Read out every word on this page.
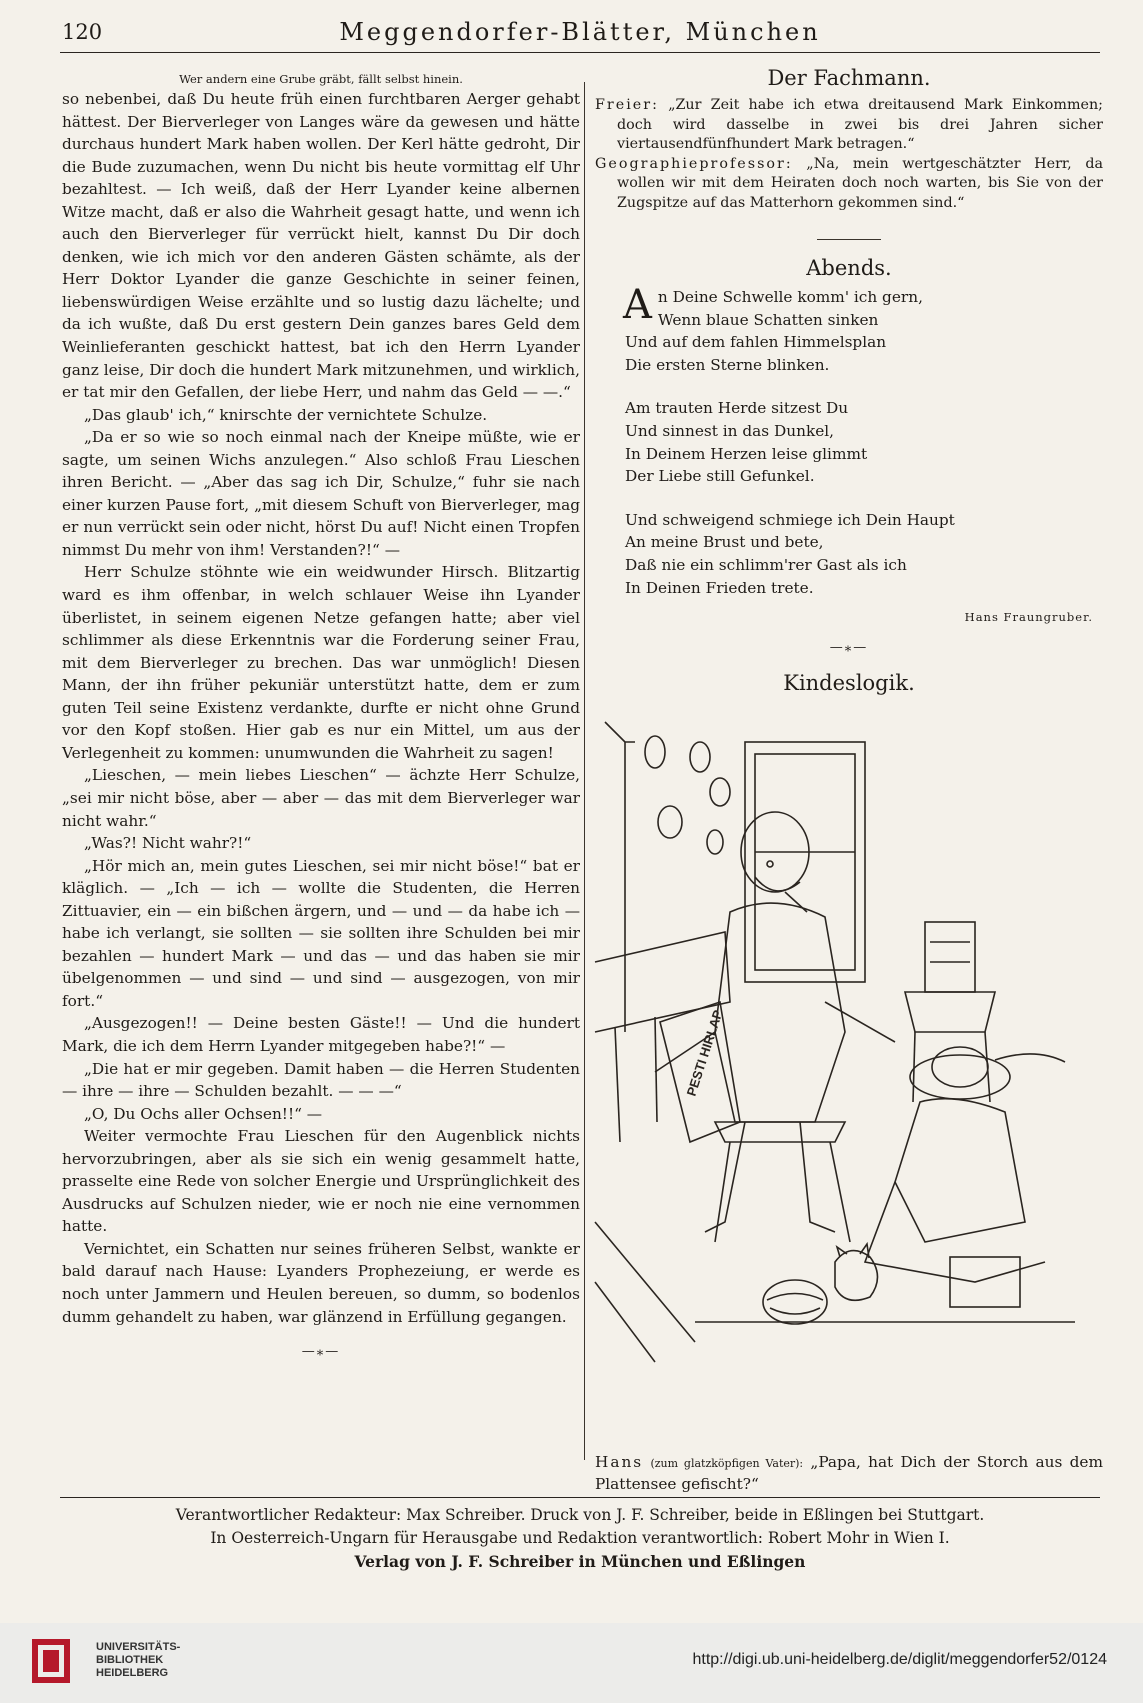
120	Meggendorfer-Blätter, München
Wer andern eine Grube gräbt, fällt selbst hinein.

so nebenbei, daß Du heute früh einen furchtbaren Aerger gehabt hättest. Der Bierverleger von Langes wäre da gewesen und hätte durchaus hundert Mark haben wollen. Der Kerl hätte gedroht, Dir die Bude zuzumachen, wenn Du nicht bis heute vormittag elf Uhr bezahltest. — Ich weiß, daß der Herr Lyander keine albernen Witze macht, daß er also die Wahrheit gesagt hatte, und wenn ich auch den Bierverleger für verrückt hielt, kannst Du Dir doch denken, wie ich mich vor den anderen Gästen schämte, als der Herr Doktor Lyander die ganze Geschichte in seiner feinen, liebenswürdigen Weise erzählte und so lustig dazu lächelte; und da ich wußte, daß Du erst gestern Dein ganzes bares Geld dem Weinlieferanten geschickt hattest, bat ich den Herrn Lyander ganz leise, Dir doch die hundert Mark mitzunehmen, und wirklich, er tat mir den Gefallen, der liebe Herr, und nahm das Geld — —.“

„Das glaub' ich,“ knirschte der vernichtete Schulze.

„Da er so wie so noch einmal nach der Kneipe müßte, wie er sagte, um seinen Wichs anzulegen.“ Also schloß Frau Lieschen ihren Bericht. — „Aber das sag ich Dir, Schulze,“ fuhr sie nach einer kurzen Pause fort, „mit diesem Schuft von Bierverleger, mag er nun verrückt sein oder nicht, hörst Du auf! Nicht einen Tropfen nimmst Du mehr von ihm! Verstanden?!“ —

Herr Schulze stöhnte wie ein weidwunder Hirsch. Blitzartig ward es ihm offenbar, in welch schlauer Weise ihn Lyander überlistet, in seinem eigenen Netze gefangen hatte; aber viel schlimmer als diese Erkenntnis war die Forderung seiner Frau, mit dem Bierverleger zu brechen. Das war unmöglich! Diesen Mann, der ihn früher pekuniär unterstützt hatte, dem er zum guten Teil seine Existenz verdankte, durfte er nicht ohne Grund vor den Kopf stoßen. Hier gab es nur ein Mittel, um aus der Verlegenheit zu kommen: unumwunden die Wahrheit zu sagen!

„Lieschen, — mein liebes Lieschen“ — ächzte Herr Schulze, „sei mir nicht böse, aber — aber — das mit dem Bierverleger war nicht wahr.“

„Was?! Nicht wahr?!“

„Hör mich an, mein gutes Lieschen, sei mir nicht böse!“ bat er kläglich. — „Ich — ich — wollte die Studenten, die Herren Zittuavier, ein — ein bißchen ärgern, und — und — da habe ich — habe ich verlangt, sie sollten — sie sollten ihre Schulden bei mir bezahlen — hundert Mark — und das — und das haben sie mir übelgenommen — und sind — und sind — ausgezogen, von mir fort.“

„Ausgezogen!! — Deine besten Gäste!! — Und die hundert Mark, die ich dem Herrn Lyander mitgegeben habe?!“ —

„Die hat er mir gegeben. Damit haben — die Herren Studenten — ihre — ihre — Schulden bezahlt. — — —“

„O, Du Ochs aller Ochsen!!“ —

Weiter vermochte Frau Lieschen für den Augenblick nichts hervorzubringen, aber als sie sich ein wenig gesammelt hatte, prasselte eine Rede von solcher Energie und Ursprünglichkeit des Ausdrucks auf Schulzen nieder, wie er noch nie eine vernommen hatte.

Vernichtet, ein Schatten nur seines früheren Selbst, wankte er bald darauf nach Hause: Lyanders Prophezeiung, er werde es noch unter Jammern und Heulen bereuen, so dumm, so bodenlos dumm gehandelt zu haben, war glänzend in Erfüllung gegangen.

—⁎—
Der Fachmann.

Freier: „Zur Zeit habe ich etwa dreitausend Mark Einkommen; doch wird dasselbe in zwei bis drei Jahren sicher viertausendfünfhundert Mark betragen.“

Geographieprofessor: „Na, mein wertgeschätzter Herr, da wollen wir mit dem Heiraten doch noch warten, bis Sie von der Zugspitze auf das Matterhorn gekommen sind.“

Abends.
A n Deine Schwelle komm' ich gern,
Wenn blaue Schatten sinken
Und auf dem fahlen Himmelsplan
Die ersten Sterne blinken.
Am trauten Herde sitzest Du
Und sinnest in das Dunkel,
In Deinem Herzen leise glimmt
Der Liebe still Gefunkel.
Und schweigend schmiege ich Dein Haupt
An meine Brust und bete,
Daß nie ein schlimm'rer Gast als ich
In Deinen Frieden trete.
Hans Fraungruber.
—⁎—
Kindeslogik.
PESTI HIRLAP
Hans (zum glatzköpfigen Vater): „Papa, hat Dich der Storch aus dem Plattensee gefischt?“
Verantwortlicher Redakteur: Max Schreiber. Druck von J. F. Schreiber, beide in Eßlingen bei Stuttgart.
In Oesterreich-Ungarn für Herausgabe und Redaktion verantwortlich: Robert Mohr in Wien I.
Verlag von J. F. Schreiber in München und Eßlingen
UNIVERSITÄTS-
BIBLIOTHEK
HEIDELBERG
http://digi.ub.uni-heidelberg.de/diglit/meggendorfer52/0124
